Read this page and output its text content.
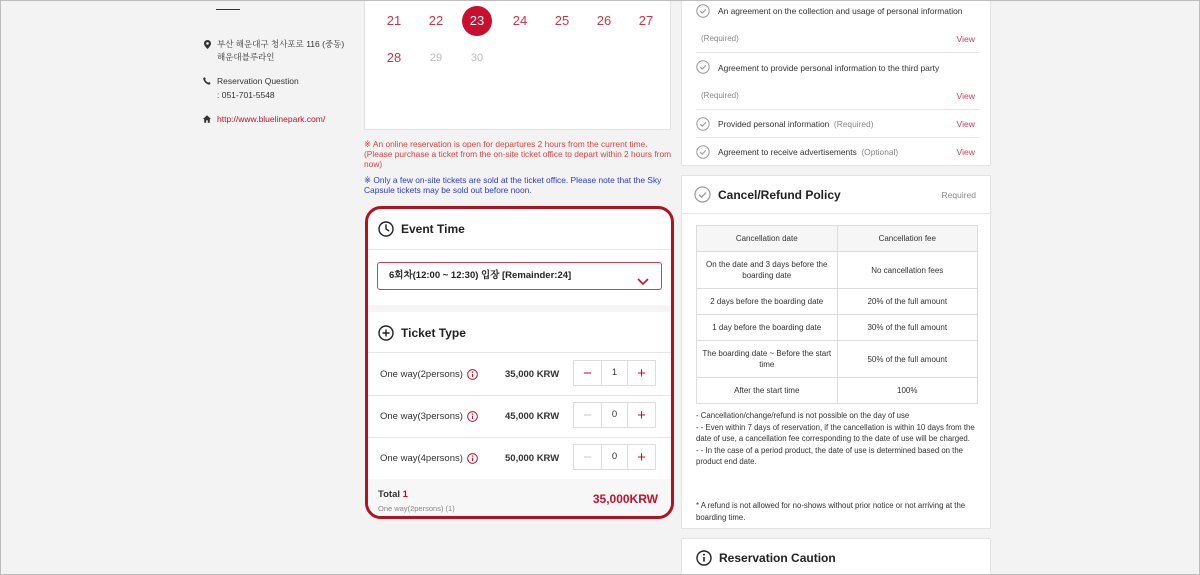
부산 해운대구 청사포로 116 (중동) 해운대블루라인
Reservation Question
: 051-701-5548
http://www.bluelinepark.com/
21	22	23	24	25	26	27
28	29	30
※ An online reservation is open for departures 2 hours from the current time. (Please purchase a ticket from the on-site ticket office to depart within 2 hours from now)
※ Only a few on-site tickets are sold at the ticket office. Please note that the Sky Capsule tickets may be sold out before noon.
Event Time
6회차(12:00 ~ 12:30) 입장 [Remainder:24]
Ticket Type
One way(2persons)	35,000 KRW	−	1	+
One way(3persons)	45,000 KRW	−	0	+
One way(4persons)	50,000 KRW	−	0	+
Total 1
One way(2persons) (1)
35,000KRW
An agreement on the collection and usage of personal information
(Required)	View
Agreement to provide personal information to the third party
(Required)	View
Provided personal information (Required)	View
Agreement to receive advertisements (Optional)	View
Cancel/Refund Policy	Required
Cancellation date	Cancellation fee
On the date and 3 days before the boarding date	No cancellation fees
2 days before the boarding date	20% of the full amount
1 day before the boarding date	30% of the full amount
The boarding date ~ Before the start time	50% of the full amount
After the start time	100%
- Cancellation/change/refund is not possible on the day of use
- - Even within 7 days of reservation, if the cancellation is within 10 days from the date of use, a cancellation fee corresponding to the date of use will be charged.
- - In the case of a period product, the date of use is determined based on the product end date.
* A refund is not allowed for no-shows without prior notice or not arriving at the boarding time.
Reservation Caution
